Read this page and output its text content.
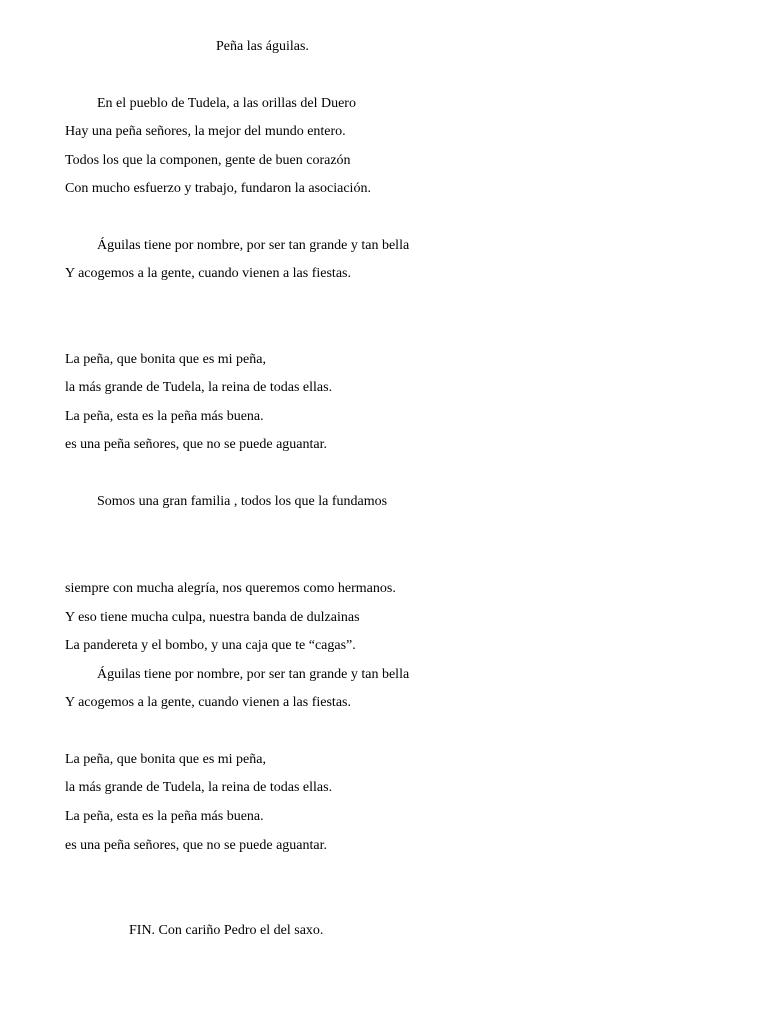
Peña las águilas.
En el pueblo de Tudela, a las orillas del Duero
Hay una peña señores, la mejor del mundo entero.
Todos los que la componen, gente de buen corazón
Con mucho esfuerzo y trabajo, fundaron la asociación.
Águilas tiene por nombre, por ser tan grande y tan bella
Y acogemos a la gente, cuando vienen a las fiestas.
La peña, que bonita que es mi peña,
la más grande de Tudela, la reina de todas ellas.
La peña, esta es la peña más buena.
es una peña señores, que no se puede aguantar.
Somos una gran familia , todos los que la fundamos
siempre con mucha alegría, nos queremos como hermanos.
Y eso tiene mucha culpa, nuestra banda de dulzainas
La pandereta y el bombo, y una caja que te “cagas”.
Águilas tiene por nombre, por ser tan grande y tan bella
Y acogemos a la gente, cuando vienen a las fiestas.
La peña, que bonita que es mi peña,
la más grande de Tudela, la reina de todas ellas.
La peña, esta es la peña más buena.
es una peña señores, que no se puede aguantar.
FIN. Con cariño Pedro el del saxo.
